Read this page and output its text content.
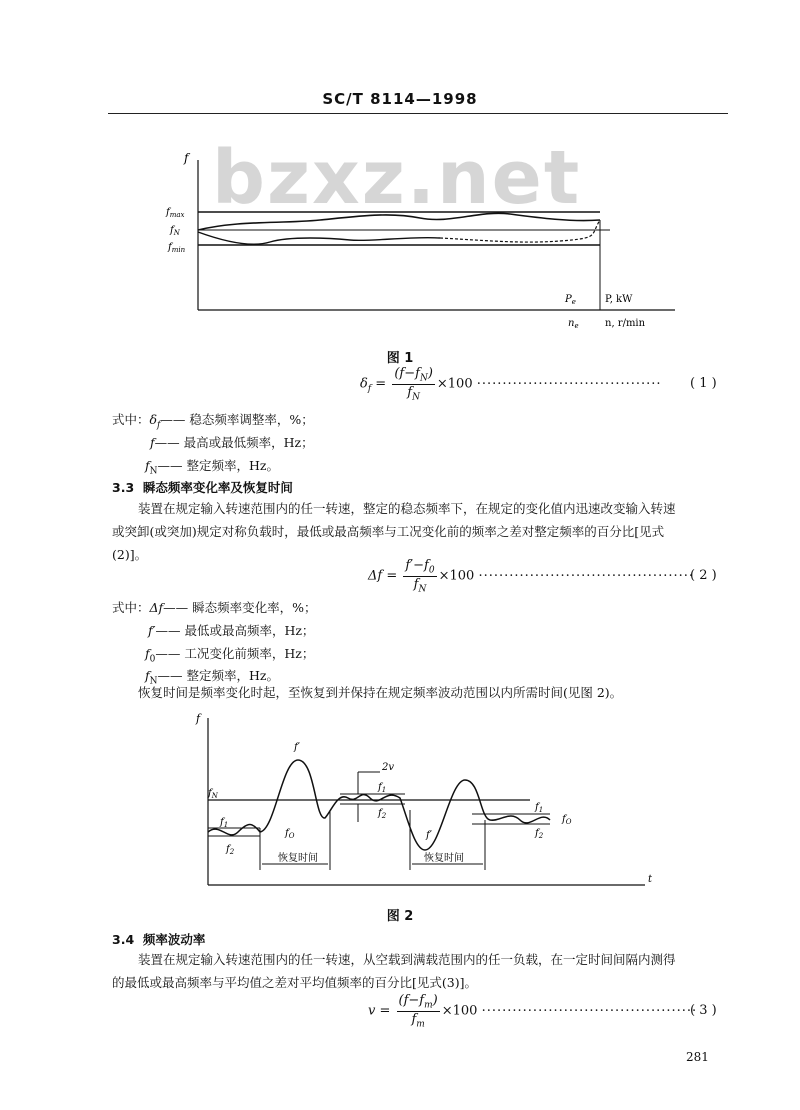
SC/T 8114—1998
bzxz.net
f
$f_{max}$
$f_N$
$f_{min}$
$P_e$	P, kW
$n_e$	n, r/min
图 1
$\delta_f = \frac{(f-f_N)}{f_N} \times 100$ ···································· ( 1 )
式中：$\delta_f——$ 稳态频率调整率，%；
f—— 最高或最低频率，Hz；
$f_N——$ 整定频率，Hz。
3.3 瞬态频率变化率及恢复时间
装置在规定输入转速范围内的任一转速，整定的稳态频率下，在规定的变化值内迅速改变输入转速
或突卸(或突加)规定对称负载时，最低或最高频率与工况变化前的频率之差对整定频率的百分比[见式
(2)]。
$\Delta f = \frac{f'-f_0}{f_N} \times 100$ ··········································
( 2 )
式中：Δf—— 瞬态频率变化率，%；
f′—— 最低或最高频率，Hz；
$f_0——$ 工况变化前频率，Hz；
$f_N——$ 整定频率，Hz。
恢复时间是频率变化时起，至恢复到并保持在规定频率波动范围以内所需时间(见图 2)。
f
t
f′
f′
$f_N$
$f_1$
$f_2$
$f_O$
2v
$f_1$
$f_2$
$f_1$
$f_2$
$f_O$
恢复时间	恢复时间
图 2
3.4 频率波动率
装置在规定输入转速范围内的任一转速，从空载到满载范围内的任一负载，在一定时间间隔内测得
的最低或最高频率与平均值之差对平均值频率的百分比[见式(3)]。
$v = \frac{(f-f_m)}{f_m} \times 100$ ··········································
( 3 )
281
